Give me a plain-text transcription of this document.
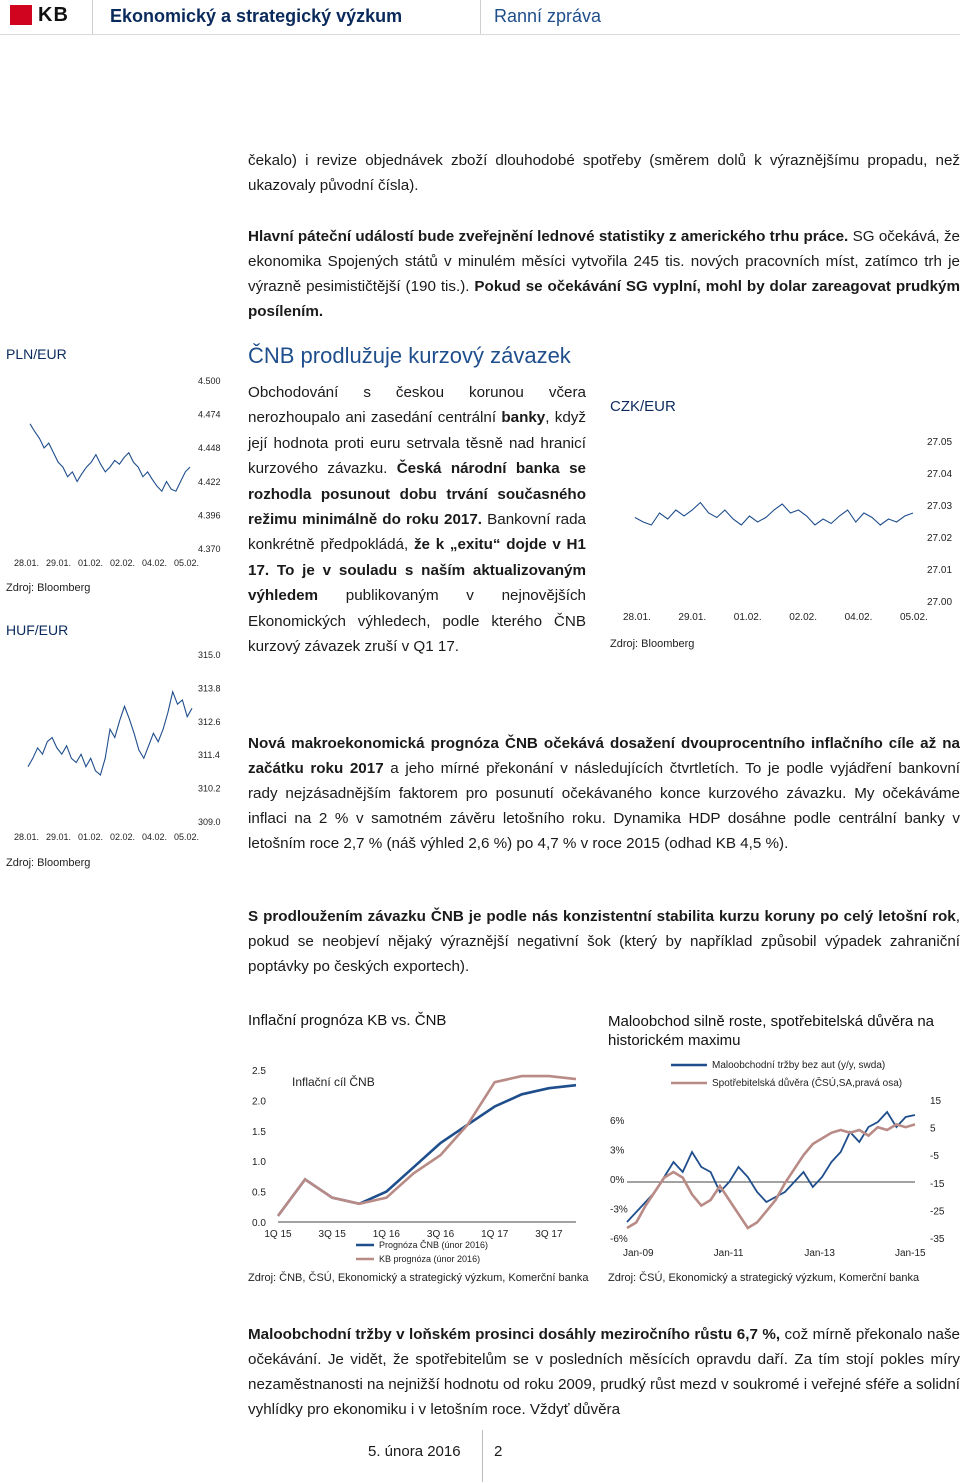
KB Ekonomický a strategický výzkum	Ranní zpráva
čekalo) i revize objednávek zboží dlouhodobé spotřeby (směrem dolů k výraznějšímu propadu, než ukazovaly původní čísla).
Hlavní páteční událostí bude zveřejnění lednové statistiky z amerického trhu práce. SG očekává, že ekonomika Spojených států v minulém měsíci vytvořila 245 tis. nových pracovních míst, zatímco trh je výrazně pesimističtější (190 tis.). Pokud se očekávání SG vyplní, mohl by dolar zareagovat prudkým posílením.
ČNB prodlužuje kurzový závazek
Obchodování s českou korunou včera nerozhoupalo ani zasedání centrální banky, když její hodnota proti euru setrvala těsně nad hranicí kurzového závazku. Česká národní banka se rozhodla posunout dobu trvání současného režimu minimálně do roku 2017. Bankovní rada konkrétně předpokládá, že k „exitu“ dojde v H1 17. To je v souladu s naším aktualizovaným výhledem publikovaným v nejnovějších Ekonomických výhledech, podle kterého ČNB kurzový závazek zruší v Q1 17.
Nová makroekonomická prognóza ČNB očekává dosažení dvouprocentního inflačního cíle až na začátku roku 2017 a jeho mírné překonání v následujících čtvrtletích. To je podle vyjádření bankovní rady nejzásadnějším faktorem pro posunutí očekávaného konce kurzového závazku. My očekáváme inflaci na 2 % v samotném závěru letošního roku. Dynamika HDP dosáhne podle centrální banky v letošním roce 2,7 % (náš výhled 2,6 %) po 4,7 % v roce 2015 (odhad KB 4,5 %).
S prodloužením závazku ČNB je podle nás konzistentní stabilita kurzu koruny po celý letošní rok, pokud se neobjeví nějaký výraznější negativní šok (který by například způsobil výpadek zahraniční poptávky po českých exportech).
Maloobchodní tržby v loňském prosinci dosáhly meziročního růstu 6,7 %, což mírně překonalo naše očekávání. Je vidět, že spotřebitelům se v posledních měsících opravdu daří. Za tím stojí pokles míry nezaměstnanosti na nejnižší hodnotu od roku 2009, prudký růst mezd v soukromé i veřejné sféře a solidní vyhlídky pro ekonomiku i v letošním roce. Vždyť důvěra
PLN/EUR
Zdroj: Bloomberg
HUF/EUR
Zdroj: Bloomberg
CZK/EUR
Zdroj: Bloomberg
Inflační prognóza KB vs. ČNB
Zdroj: ČNB, ČSÚ, Ekonomický a strategický výzkum, Komerční banka
Maloobchod silně roste, spotřebitelská důvěra na historickém maximu
Zdroj: ČSÚ, Ekonomický a strategický výzkum, Komerční banka
4.500
4.474
4.448
4.422
4.396
4.370
28.01. 29.01. 01.02. 02.02. 04.02. 05.02.
315.0
313.8
312.6
311.4
310.2
309.0
28.01. 29.01. 01.02. 02.02. 04.02. 05.02.
27.05
27.04
27.03
27.02
27.01
27.00
28.01.	29.01.	01.02.	02.02.	04.02.	05.02.
2.5
2.0
1.5
1.0
0.5
0.0
1Q 15	3Q 15	1Q 16	3Q 16	1Q 17	3Q 17
Inflační cíl ČNB
Prognóza ČNB (únor 2016)
KB prognóza (únor 2016)
6%
3%
0%
-3%
-6%
15
5
-5
-15
-25
-35
Jan-09	Jan-11	Jan-13	Jan-15
Maloobchodní tržby bez aut (y/y, swda)
Spotřebitelská důvěra (ČSÚ,SA,pravá osa)
5. února 2016 2
